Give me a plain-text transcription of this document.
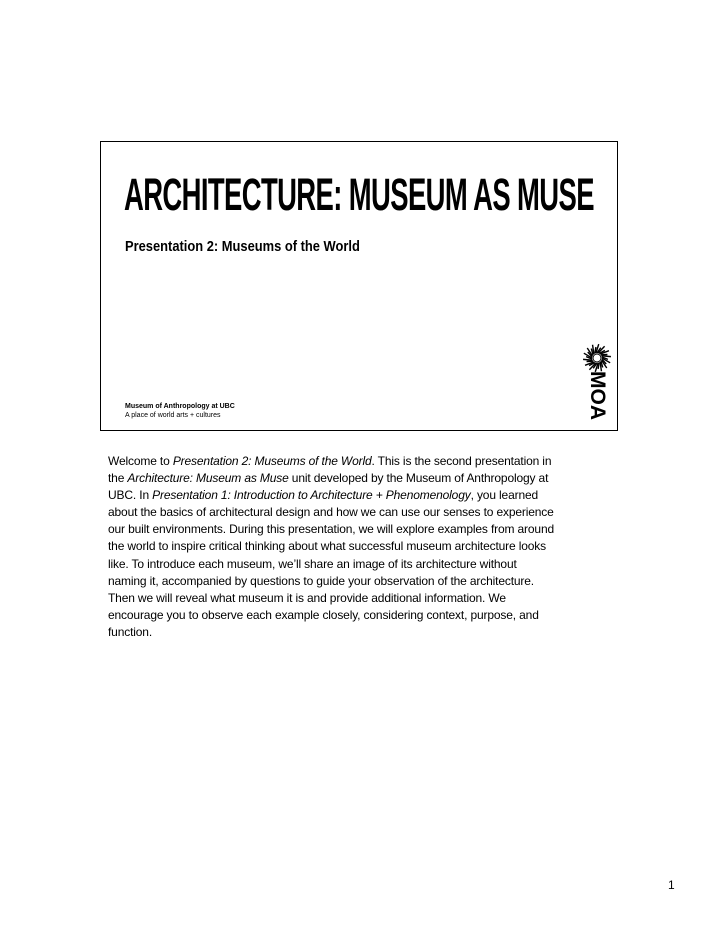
ARCHITECTURE: MUSEUM AS MUSE
Presentation 2: Museums of the World
Museum of Anthropology at UBC
A place of world arts + cultures	MOA
Welcome to Presentation 2: Museums of the World. This is the second presentation in
the Architecture: Museum as Muse unit developed by the Museum of Anthropology at
UBC. In Presentation 1: Introduction to Architecture + Phenomenology, you learned
about the basics of architectural design and how we can use our senses to experience
our built environments. During this presentation, we will explore examples from around
the world to inspire critical thinking about what successful museum architecture looks
like. To introduce each museum, we’ll share an image of its architecture without
naming it, accompanied by questions to guide your observation of the architecture.
Then we will reveal what museum it is and provide additional information. We
encourage you to observe each example closely, considering context, purpose, and
function.
1
